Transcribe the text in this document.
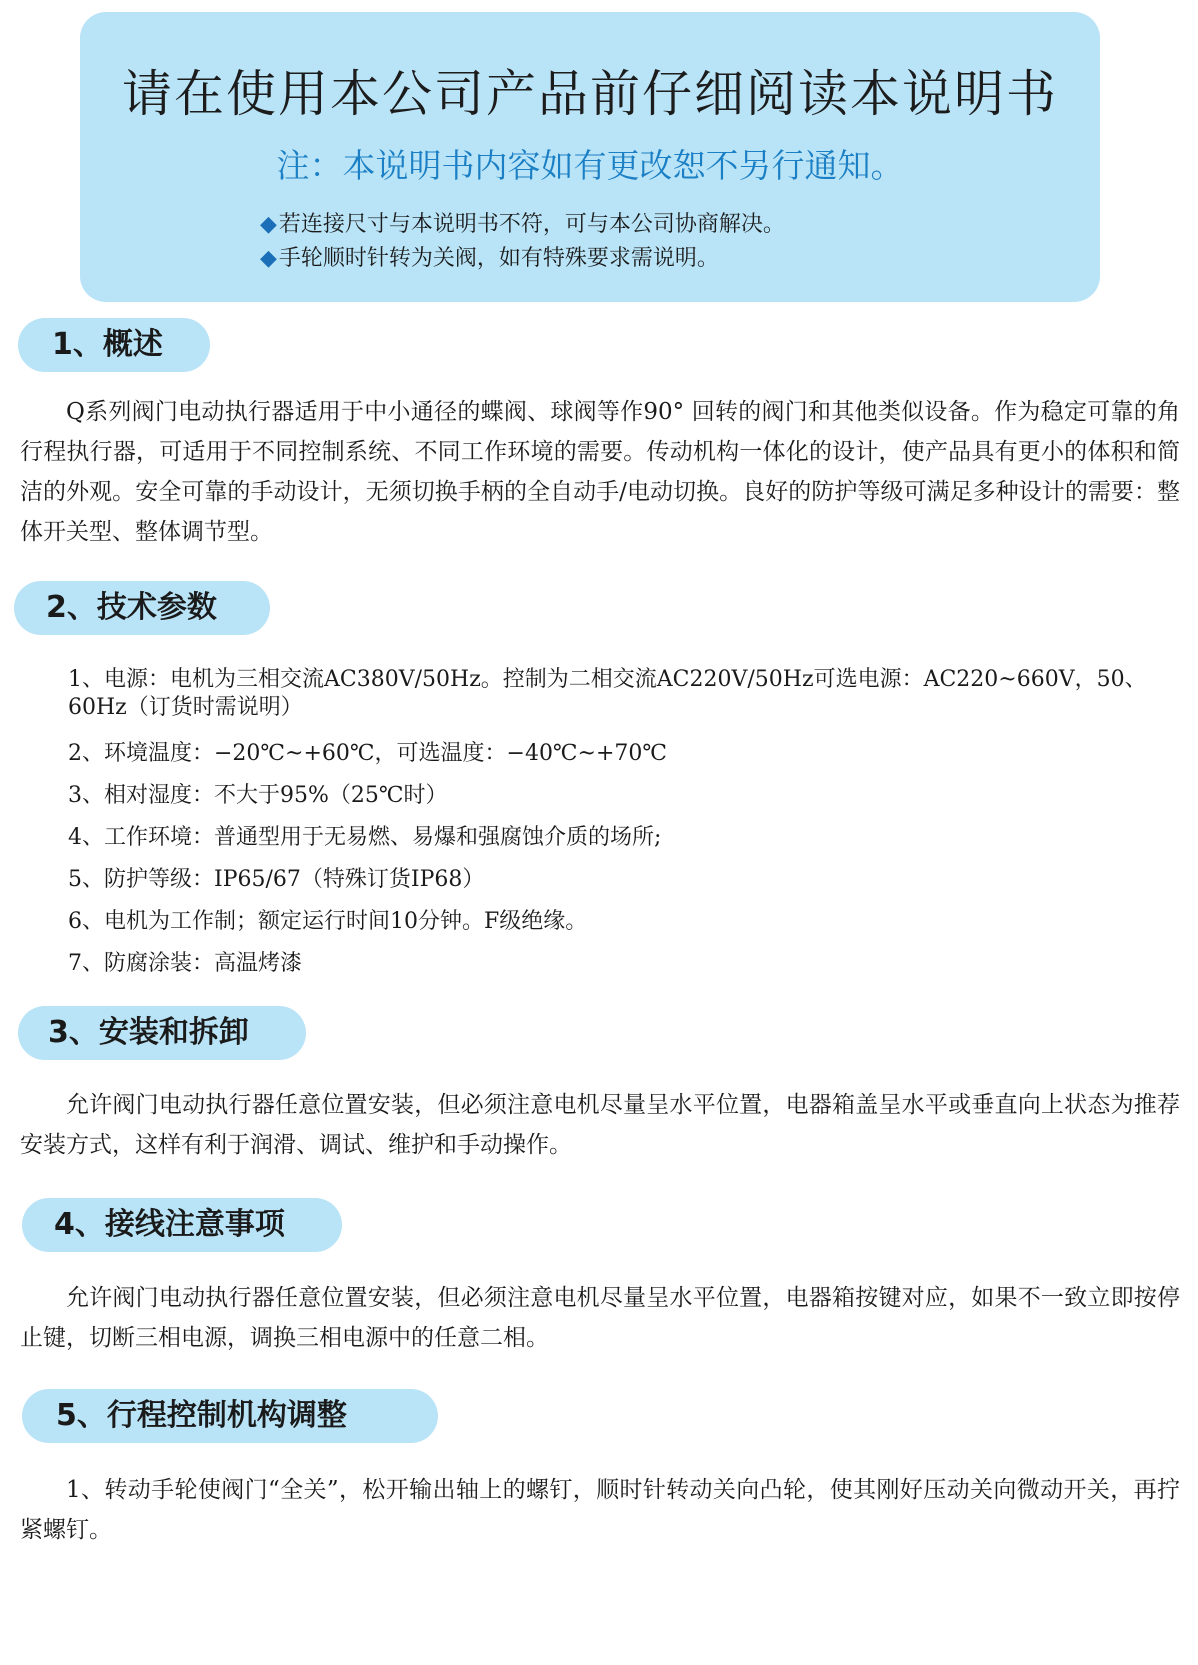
请在使用本公司产品前仔细阅读本说明书
注：本说明书内容如有更改恕不另行通知。
◆若连接尺寸与本说明书不符，可与本公司协商解决。
◆手轮顺时针转为关阀，如有特殊要求需说明。
1、概述
Q系列阀门电动执行器适用于中小通径的蝶阀、球阀等作90° 回转的阀门和其他类似设备。作为稳定可靠的角行程执行器，可适用于不同控制系统、不同工作环境的需要。传动机构一体化的设计，使产品具有更小的体积和简洁的外观。安全可靠的手动设计，无须切换手柄的全自动手/电动切换。良好的防护等级可满足多种设计的需要：整体开关型、整体调节型。
2、技术参数
1、电源：电机为三相交流AC380V/50Hz。控制为二相交流AC220V/50Hz可选电源：AC220~660V，50、60Hz（订货时需说明）
2、环境温度：−20℃~+60℃，可选温度：−40℃~+70℃
3、相对湿度：不大于95%（25℃时）
4、工作环境：普通型用于无易燃、易爆和强腐蚀介质的场所;
5、防护等级：IP65/67（特殊订货IP68）
6、电机为工作制；额定运行时间10分钟。F级绝缘。
7、防腐涂装：高温烤漆
3、安装和拆卸
允许阀门电动执行器任意位置安装，但必须注意电机尽量呈水平位置，电器箱盖呈水平或垂直向上状态为推荐安装方式，这样有利于润滑、调试、维护和手动操作。
4、接线注意事项
允许阀门电动执行器任意位置安装，但必须注意电机尽量呈水平位置，电器箱按键对应，如果不一致立即按停止键，切断三相电源，调换三相电源中的任意二相。
5、行程控制机构调整
1、转动手轮使阀门“全关”，松开输出轴上的螺钉，顺时针转动关向凸轮，使其刚好压动关向微动开关，再拧紧螺钉。
